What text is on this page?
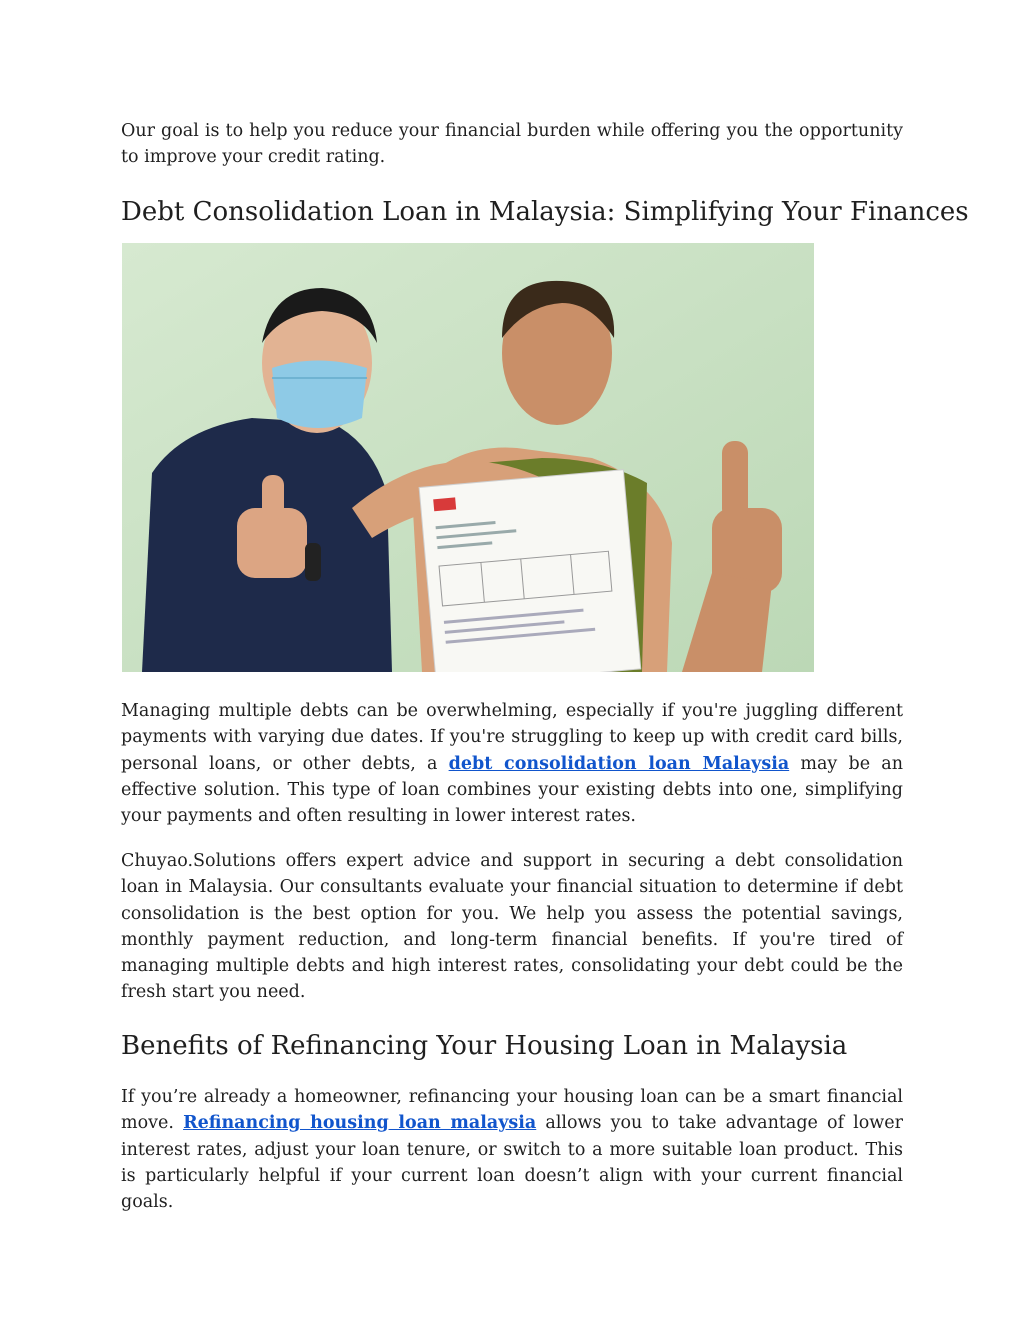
Our goal is to help you reduce your financial burden while offering you the opportunity to improve your credit rating.

Debt Consolidation Loan in Malaysia: Simplifying Your Finances

Managing multiple debts can be overwhelming, especially if you're juggling different payments with varying due dates. If you're struggling to keep up with credit card bills, personal loans, or other debts, a debt consolidation loan Malaysia may be an effective solution. This type of loan combines your existing debts into one, simplifying your payments and often resulting in lower interest rates.

Chuyao.Solutions offers expert advice and support in securing a debt consolidation loan in Malaysia. Our consultants evaluate your financial situation to determine if debt consolidation is the best option for you. We help you assess the potential savings, monthly payment reduction, and long-term financial benefits. If you're tired of managing multiple debts and high interest rates, consolidating your debt could be the fresh start you need.

Benefits of Refinancing Your Housing Loan in Malaysia

If you’re already a homeowner, refinancing your housing loan can be a smart financial move. Refinancing housing loan malaysia allows you to take advantage of lower interest rates, adjust your loan tenure, or switch to a more suitable loan product. This is particularly helpful if your current loan doesn’t align with your current financial goals.
